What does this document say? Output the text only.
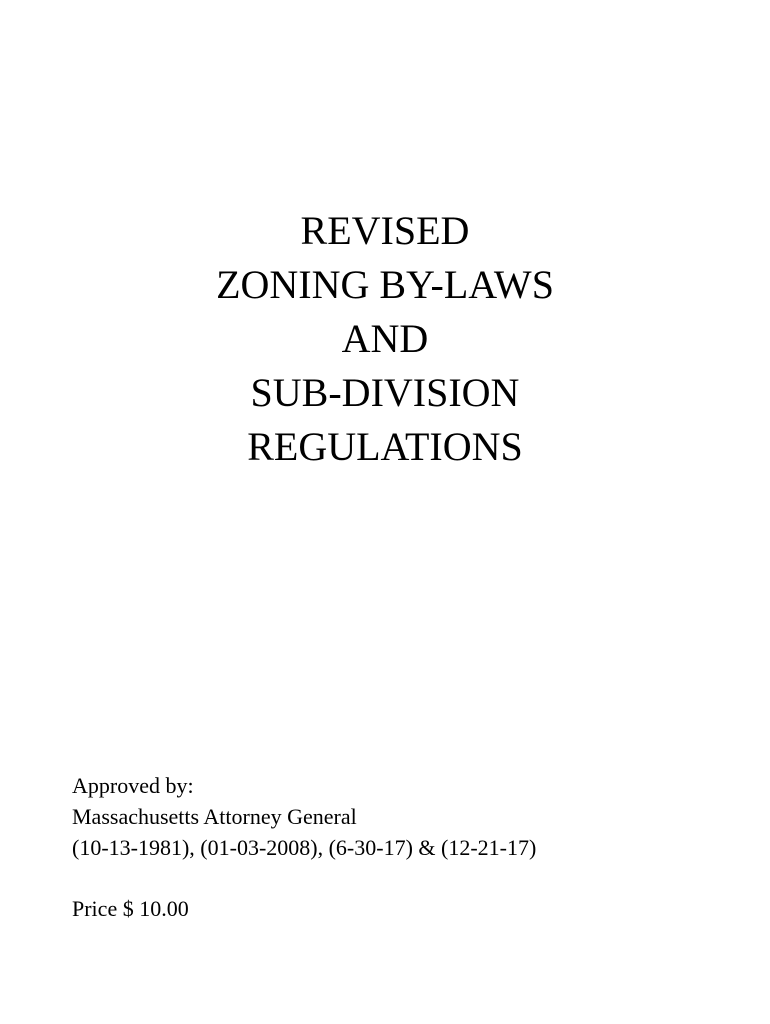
REVISED
ZONING BY-LAWS
AND
SUB-DIVISION
REGULATIONS
Approved by:
Massachusetts Attorney General
(10-13-1981), (01-03-2008), (6-30-17) & (12-21-17)
Price $ 10.00
